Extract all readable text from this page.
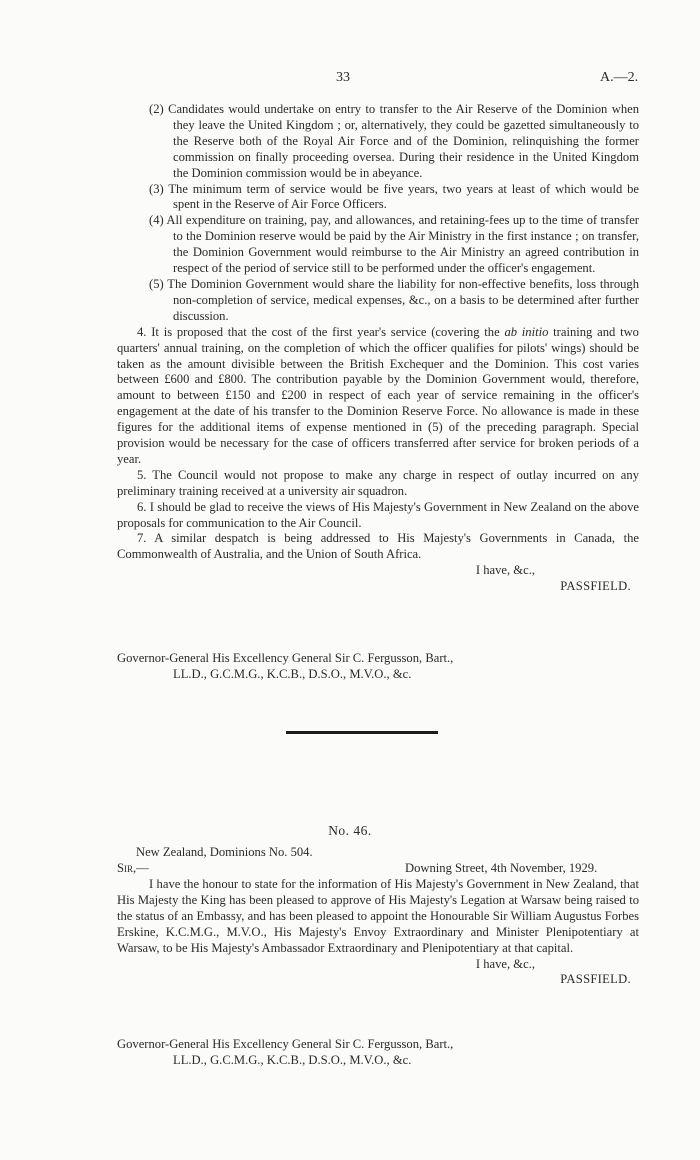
33	A.—2.

(2) Candidates would undertake on entry to transfer to the Air Reserve of the Dominion when they leave the United Kingdom ; or, alternatively, they could be gazetted simultaneously to the Reserve both of the Royal Air Force and of the Dominion, relinquishing the former commission on finally proceeding oversea. During their residence in the United Kingdom the Dominion commission would be in abeyance.

(3) The minimum term of service would be five years, two years at least of which would be spent in the Reserve of Air Force Officers.

(4) All expenditure on training, pay, and allowances, and retaining-fees up to the time of transfer to the Dominion reserve would be paid by the Air Ministry in the first instance ; on transfer, the Dominion Government would reimburse to the Air Ministry an agreed contribution in respect of the period of service still to be performed under the officer's engagement.

(5) The Dominion Government would share the liability for non-effective benefits, loss through non-completion of service, medical expenses, &c., on a basis to be determined after further discussion.

4. It is proposed that the cost of the first year's service (covering the ab initio training and two quarters' annual training, on the completion of which the officer qualifies for pilots' wings) should be taken as the amount divisible between the British Exchequer and the Dominion. This cost varies between £600 and £800. The contribution payable by the Dominion Government would, therefore, amount to between £150 and £200 in respect of each year of service remaining in the officer's engagement at the date of his transfer to the Dominion Reserve Force. No allowance is made in these figures for the additional items of expense mentioned in (5) of the preceding paragraph. Special provision would be necessary for the case of officers transferred after service for broken periods of a year.

5. The Council would not propose to make any charge in respect of outlay incurred on any preliminary training received at a university air squadron.

6. I should be glad to receive the views of His Majesty's Government in New Zealand on the above proposals for communication to the Air Council.

7. A similar despatch is being addressed to His Majesty's Governments in Canada, the Commonwealth of Australia, and the Union of South Africa.

I have, &c.,

PASSFIELD.

Governor-General His Excellency General Sir C. Fergusson, Bart.,
LL.D., G.C.M.G., K.C.B., D.S.O., M.V.O., &c.
No. 46.
New Zealand, Dominions No. 504.
Sir,—	Downing Street, 4th November, 1929.

I have the honour to state for the information of His Majesty's Government in New Zealand, that His Majesty the King has been pleased to approve of His Majesty's Legation at Warsaw being raised to the status of an Embassy, and has been pleased to appoint the Honourable Sir William Augustus Forbes Erskine, K.C.M.G., M.V.O., His Majesty's Envoy Extraordinary and Minister Plenipotentiary at Warsaw, to be His Majesty's Ambassador Extraordinary and Plenipotentiary at that capital.

I have, &c.,

PASSFIELD.

Governor-General His Excellency General Sir C. Fergusson, Bart.,
LL.D., G.C.M.G., K.C.B., D.S.O., M.V.O., &c.
